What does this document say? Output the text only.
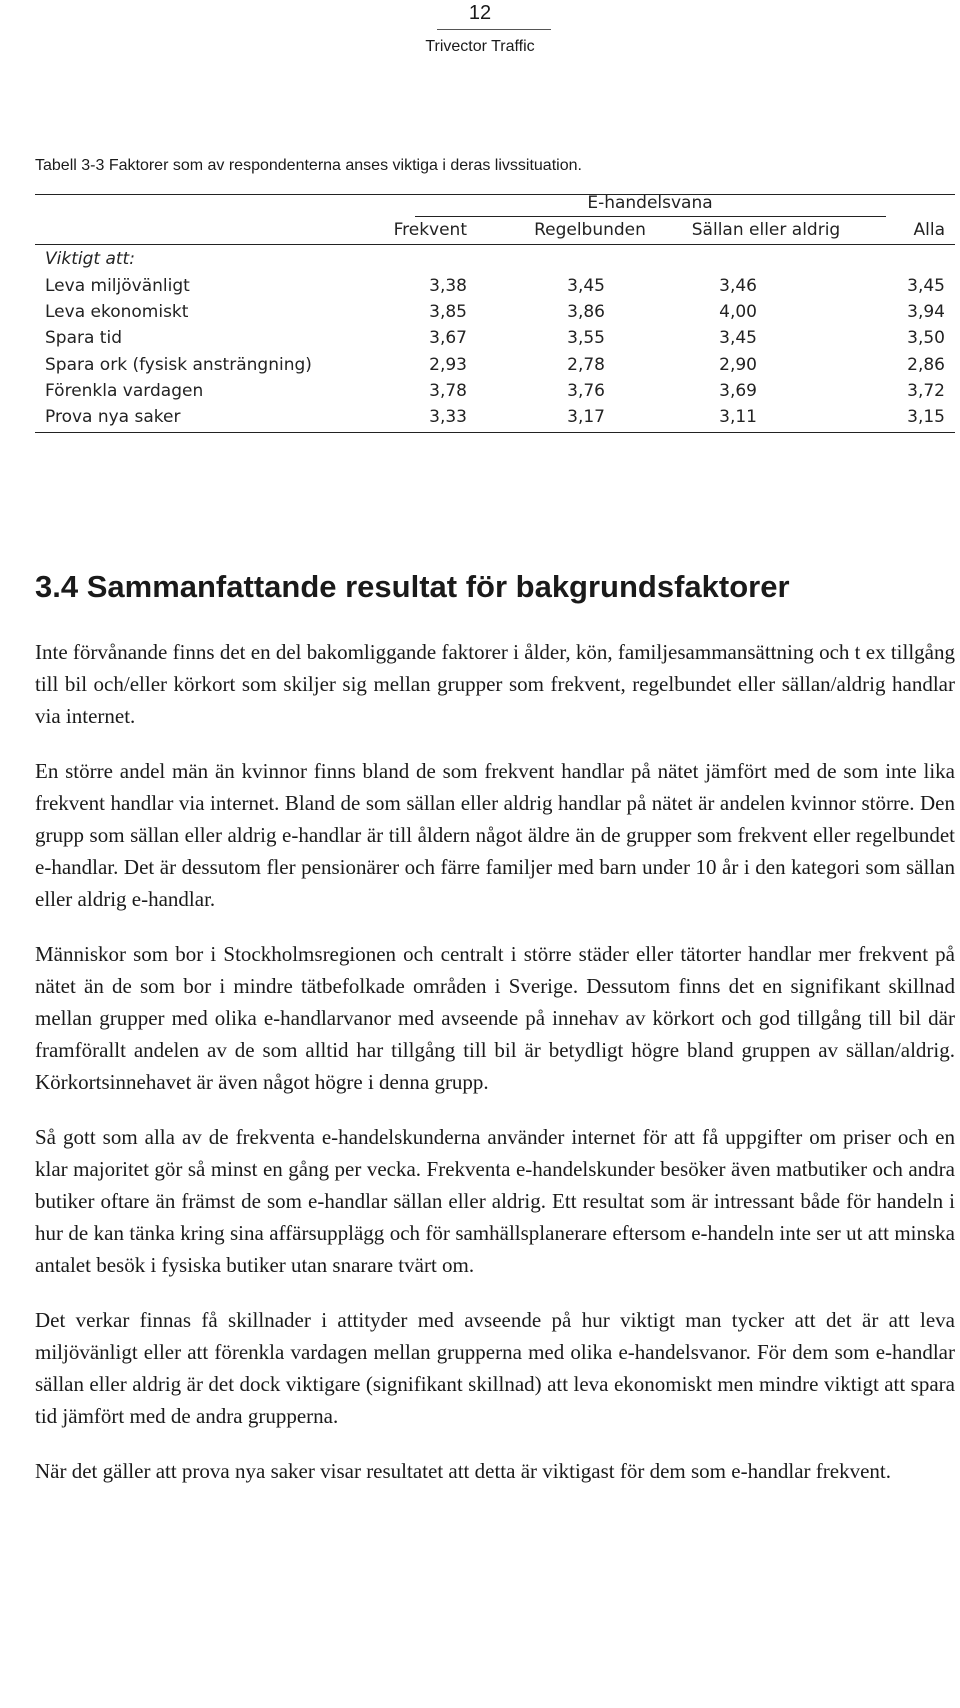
12
Trivector Traffic
Tabell 3-3 Faktorer som av respondenterna anses viktiga i deras livssituation.
E-handelsvana
Frekvent	Regelbunden	Sällan eller aldrig	Alla
Viktigt att:
Leva miljövänligt	3,38	3,45	3,46	3,45
Leva ekonomiskt	3,85	3,86	4,00	3,94
Spara tid	3,67	3,55	3,45	3,50
Spara ork (fysisk ansträngning)	2,93	2,78	2,90	2,86
Förenkla vardagen	3,78	3,76	3,69	3,72
Prova nya saker	3,33	3,17	3,11	3,15
3.4 Sammanfattande resultat för bakgrundsfaktorer

Inte förvånande finns det en del bakomliggande faktorer i ålder, kön, familjesammansättning och t ex tillgång till bil och/eller körkort som skiljer sig mellan grupper som frekvent, regelbundet eller sällan/aldrig handlar via internet.

En större andel män än kvinnor finns bland de som frekvent handlar på nätet jämfört med de som inte lika frekvent handlar via internet. Bland de som sällan eller aldrig handlar på nätet är andelen kvinnor större. Den grupp som sällan eller aldrig e-handlar är till åldern något äldre än de grupper som frekvent eller regelbundet e-handlar. Det är dessutom fler pensionärer och färre familjer med barn under 10 år i den kategori som sällan eller aldrig e-handlar.

Människor som bor i Stockholmsregionen och centralt i större städer eller tätorter handlar mer frekvent på nätet än de som bor i mindre tätbefolkade områden i Sverige. Dessutom finns det en signifikant skillnad mellan grupper med olika e-handlarvanor med avseende på innehav av körkort och god tillgång till bil där framförallt andelen av de som alltid har tillgång till bil är betydligt högre bland gruppen av sällan/aldrig. Körkortsinnehavet är även något högre i denna grupp.

Så gott som alla av de frekventa e-handelskunderna använder internet för att få uppgifter om priser och en klar majoritet gör så minst en gång per vecka. Frekventa e-handelskunder besöker även matbutiker och andra butiker oftare än främst de som e-handlar sällan eller aldrig. Ett resultat som är intressant både för handeln i hur de kan tänka kring sina affärsupplägg och för samhällsplanerare eftersom e-handeln inte ser ut att minska antalet besök i fysiska butiker utan snarare tvärt om.

Det verkar finnas få skillnader i attityder med avseende på hur viktigt man tycker att det är att leva miljövänligt eller att förenkla vardagen mellan grupperna med olika e-handelsvanor. För dem som e-handlar sällan eller aldrig är det dock viktigare (signifikant skillnad) att leva ekonomiskt men mindre viktigt att spara tid jämfört med de andra grupperna.

När det gäller att prova nya saker visar resultatet att detta är viktigast för dem som e-handlar frekvent.
